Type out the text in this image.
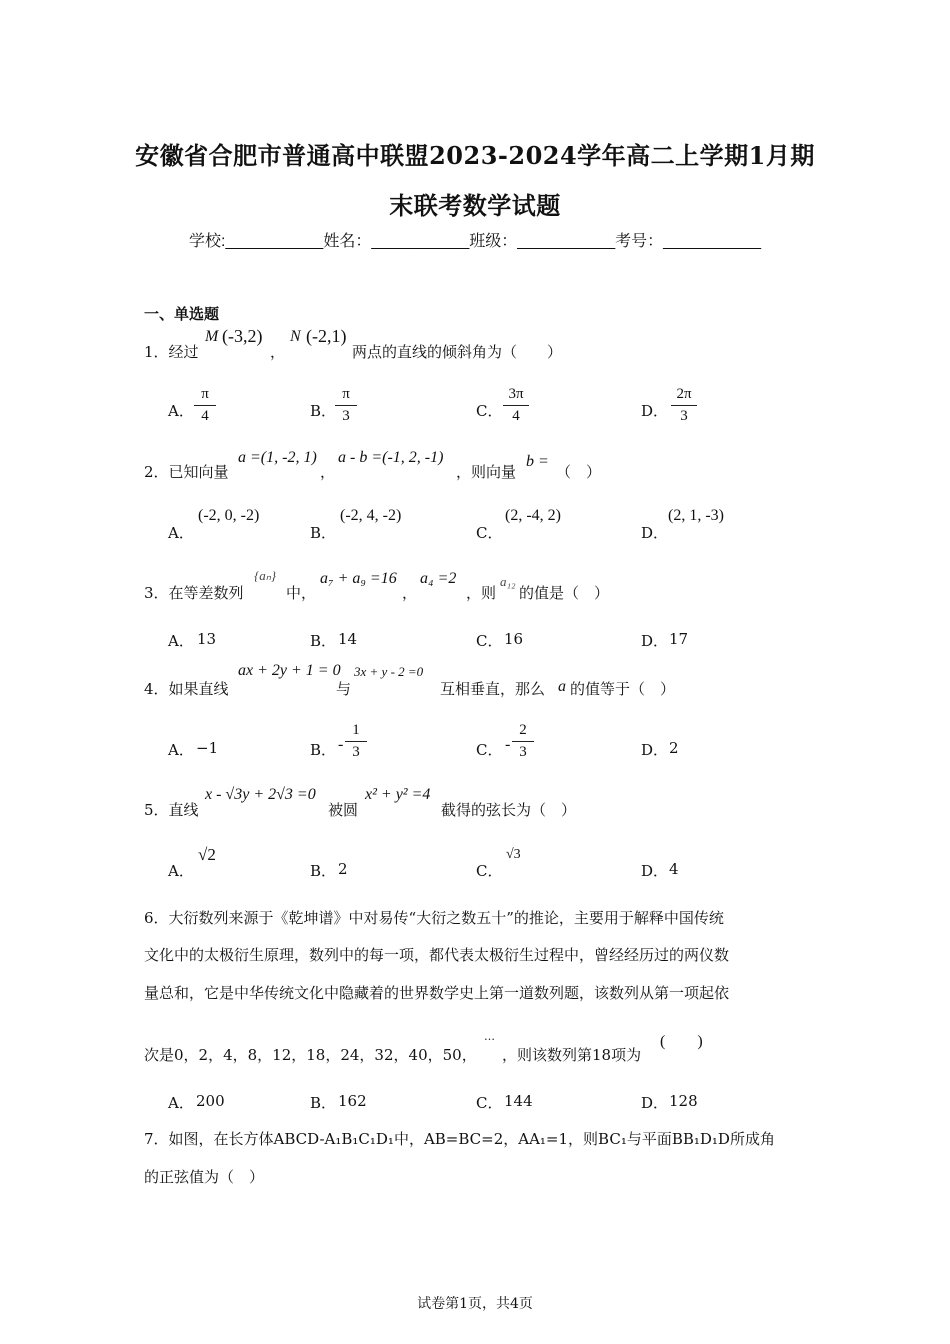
安徽省合肥市普通高中联盟2023-2024学年高二上学期1月期
末联考数学试题
学校:___________姓名：___________班级：___________考号：___________
一、单选题
1．经过
M (-3,2)
，
N (-2,1)
两点的直线的倾斜角为（　　）
A．
π
4	B．
π
3	C．
3π
4	D．
2π
3
2．已知向量
a =(1, -2, 1)
，
a - b =(-1, 2, -1)
，则向量
b =
（　）
A．
(-2, 0, -2)
B．
(-2, 4, -2)
C．
(2, -4, 2)
D．
(2, 1, -3)
3．在等差数列
{aₙ}
中，
a₇ + a₉ =16
，
a₄ =2
，则
a₁₂
的值是（　）
A． 13	B． 14	C． 16	D． 17
4．如果直线
ax + 2y + 1 = 0
与
3x + y - 2 =0
互相垂直，那么 a 的值等于（　）
A． −1	B． -
1
3	C． -
2
3	D． 2
5．直线
x - √3y + 2√3 =0
被圆
x² + y² =4
截得的弦长为（　）
A．
√2
B． 2	C．
√3
D． 4
6．大衍数列来源于《乾坤谱》中对易传“大衍之数五十”的推论，主要用于解释中国传统
文化中的太极衍生原理，数列中的每一项，都代表太极衍生过程中，曾经经历过的两仪数
量总和，它是中华传统文化中隐藏着的世界数学史上第一道数列题，该数列从第一项起依
次是0，2，4，8，12，18，24，32，40，50，
…
，则该数列第18项为
(　　)
A． 200	B． 162	C． 144	D． 128
7．如图，在长方体ABCD-A₁B₁C₁D₁中，AB=BC=2，AA₁=1，则BC₁与平面BB₁D₁D所成角
的正弦值为（　）
试卷第1页，共4页
